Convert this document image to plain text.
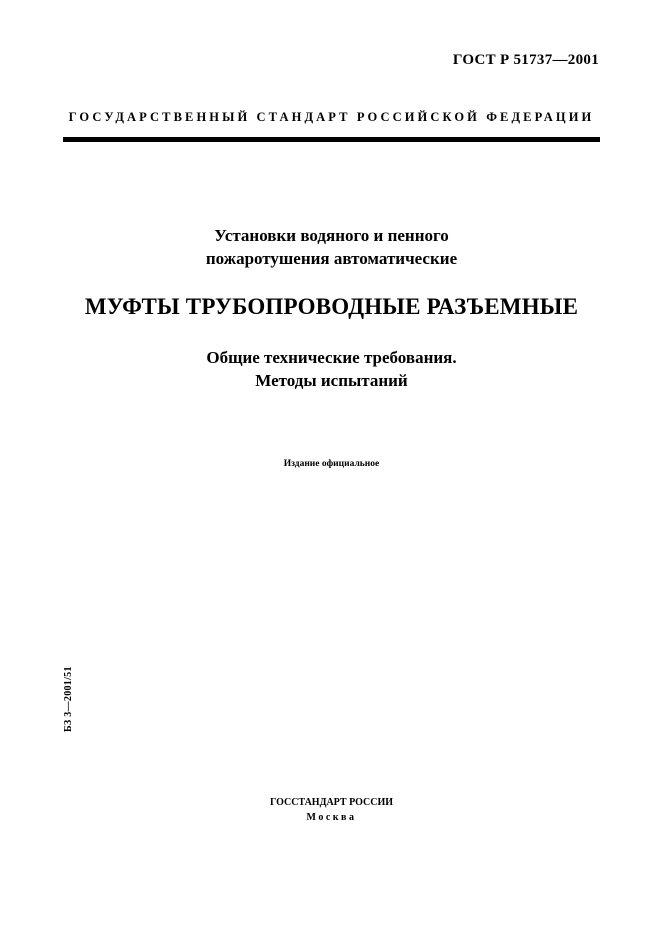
ГОСТ Р 51737—2001
ГОСУДАРСТВЕННЫЙ СТАНДАРТ РОССИЙСКОЙ ФЕДЕРАЦИИ
Установки водяного и пенного
пожаротушения автоматические
МУФТЫ ТРУБОПРОВОДНЫЕ РАЗЪЕМНЫЕ
Общие технические требования.
Методы испытаний
Издание официальное
БЗ 3—2001/51
ГОССТАНДАРТ РОССИИ
Москва
